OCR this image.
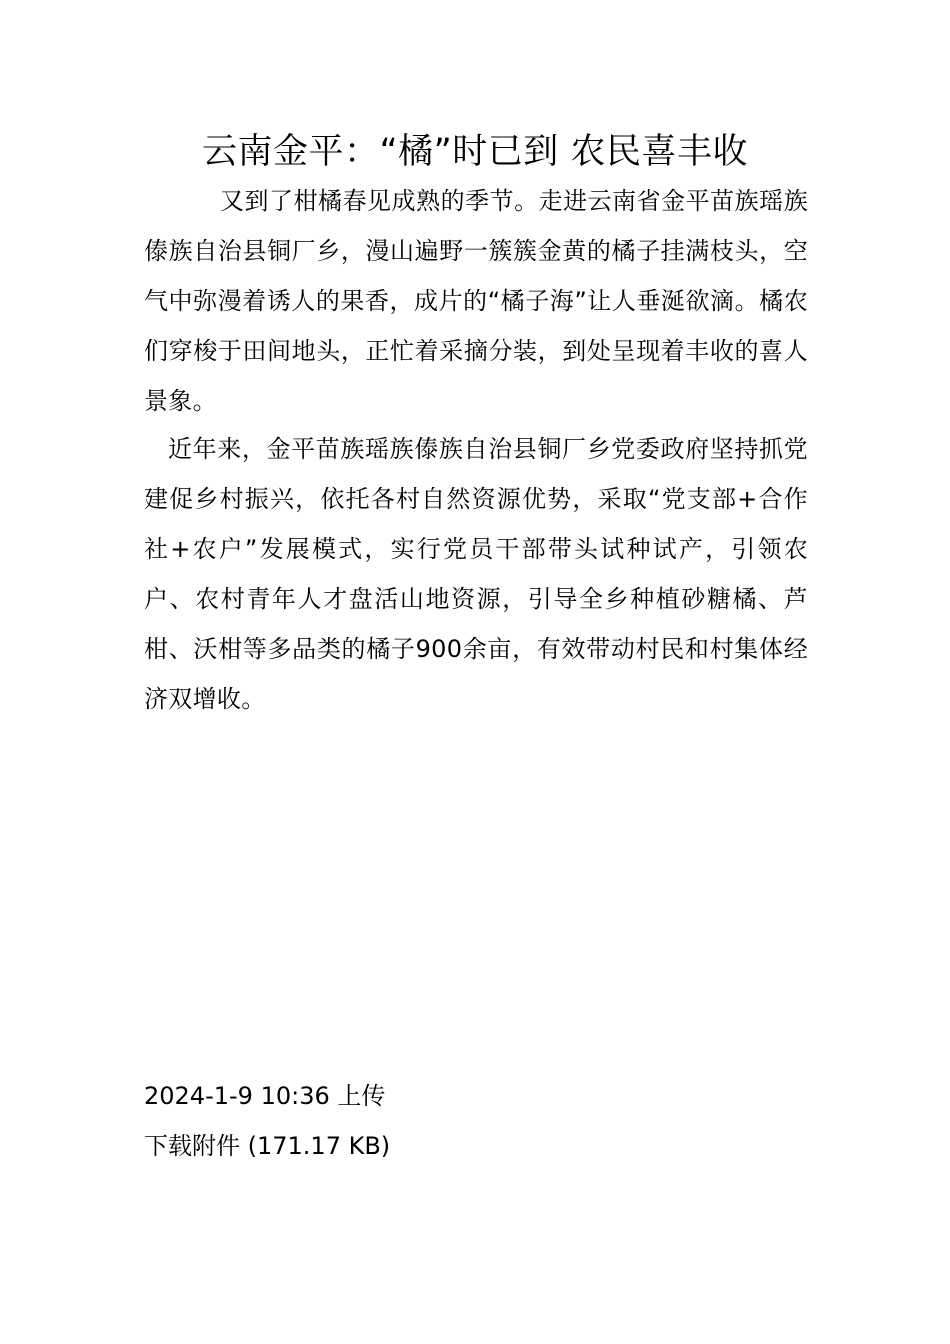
云南金平：“橘”时已到 农民喜丰收

又到了柑橘春见成熟的季节。走进云南省金平苗族瑶族傣族自治县铜厂乡，漫山遍野一簇簇金黄的橘子挂满枝头，空气中弥漫着诱人的果香，成片的“橘子海”让人垂涎欲滴。橘农们穿梭于田间地头，正忙着采摘分装，到处呈现着丰收的喜人景象。

近年来，金平苗族瑶族傣族自治县铜厂乡党委政府坚持抓党建促乡村振兴，依托各村自然资源优势，采取“党支部+合作社+农户”发展模式，实行党员干部带头试种试产，引领农户、农村青年人才盘活山地资源，引导全乡种植砂糖橘、芦柑、沃柑等多品类的橘子900余亩，有效带动村民和村集体经济双增收。

2024-1-9 10:36 上传

下载附件 (171.17 KB)
